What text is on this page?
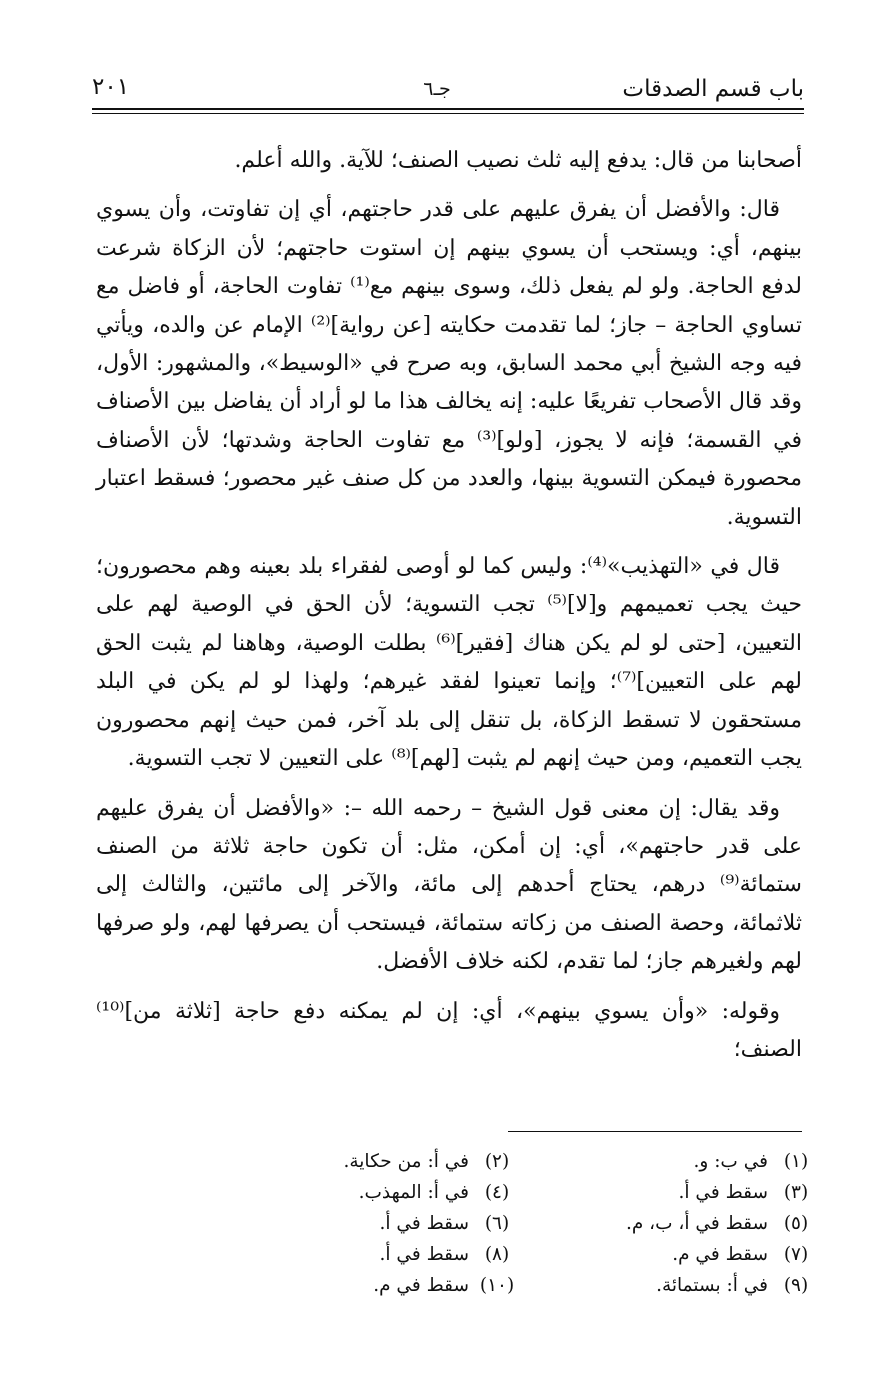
باب قسم الصدقات
جـ٦
٢٠١

أصحابنا من قال: يدفع إليه ثلث نصيب الصنف؛ للآية. والله أعلم.

قال: والأفضل أن يفرق عليهم على قدر حاجتهم، أي إن تفاوتت، وأن يسوي بينهم، أي: ويستحب أن يسوي بينهم إن استوت حاجتهم؛ لأن الزكاة شرعت لدفع الحاجة. ولو لم يفعل ذلك، وسوى بينهم مع⁽¹⁾ تفاوت الحاجة، أو فاضل مع تساوي الحاجة – جاز؛ لما تقدمت حكايته [عن رواية]⁽²⁾ الإمام عن والده، ويأتي فيه وجه الشيخ أبي محمد السابق، وبه صرح في «الوسيط»، والمشهور: الأول، وقد قال الأصحاب تفريعًا عليه: إنه يخالف هذا ما لو أراد أن يفاضل بين الأصناف في القسمة؛ فإنه لا يجوز، [ولو]⁽³⁾ مع تفاوت الحاجة وشدتها؛ لأن الأصناف محصورة فيمكن التسوية بينها، والعدد من كل صنف غير محصور؛ فسقط اعتبار التسوية.

قال في «التهذيب»⁽⁴⁾: وليس كما لو أوصى لفقراء بلد بعينه وهم محصورون؛ حيث يجب تعميمهم و[لا]⁽⁵⁾ تجب التسوية؛ لأن الحق في الوصية لهم على التعيين، [حتى لو لم يكن هناك [فقير]⁽⁶⁾ بطلت الوصية، وهاهنا لم يثبت الحق لهم على التعيين]⁽⁷⁾؛ وإنما تعينوا لفقد غيرهم؛ ولهذا لو لم يكن في البلد مستحقون لا تسقط الزكاة، بل تنقل إلى بلد آخر، فمن حيث إنهم محصورون يجب التعميم، ومن حيث إنهم لم يثبت [لهم]⁽⁸⁾ على التعيين لا تجب التسوية.

وقد يقال: إن معنى قول الشيخ – رحمه الله –: «والأفضل أن يفرق عليهم على قدر حاجتهم»، أي: إن أمكن، مثل: أن تكون حاجة ثلاثة من الصنف ستمائة⁽⁹⁾ درهم، يحتاج أحدهم إلى مائة، والآخر إلى مائتين، والثالث إلى ثلاثمائة، وحصة الصنف من زكاته ستمائة، فيستحب أن يصرفها لهم، ولو صرفها لهم ولغيرهم جاز؛ لما تقدم، لكنه خلاف الأفضل.

وقوله: «وأن يسوي بينهم»، أي: إن لم يمكنه دفع حاجة [ثلاثة من]⁽¹⁰⁾ الصنف؛

(١)
في ب: و.
(٢)
في أ: من حكاية.
(٣)
سقط في أ.
(٤)
في أ: المهذب.
(٥)
سقط في أ، ب، م.
(٦)
سقط في أ.
(٧)
سقط في م.
(٨)
سقط في أ.
(٩)
في أ: بستمائة.
(١٠)
سقط في م.
